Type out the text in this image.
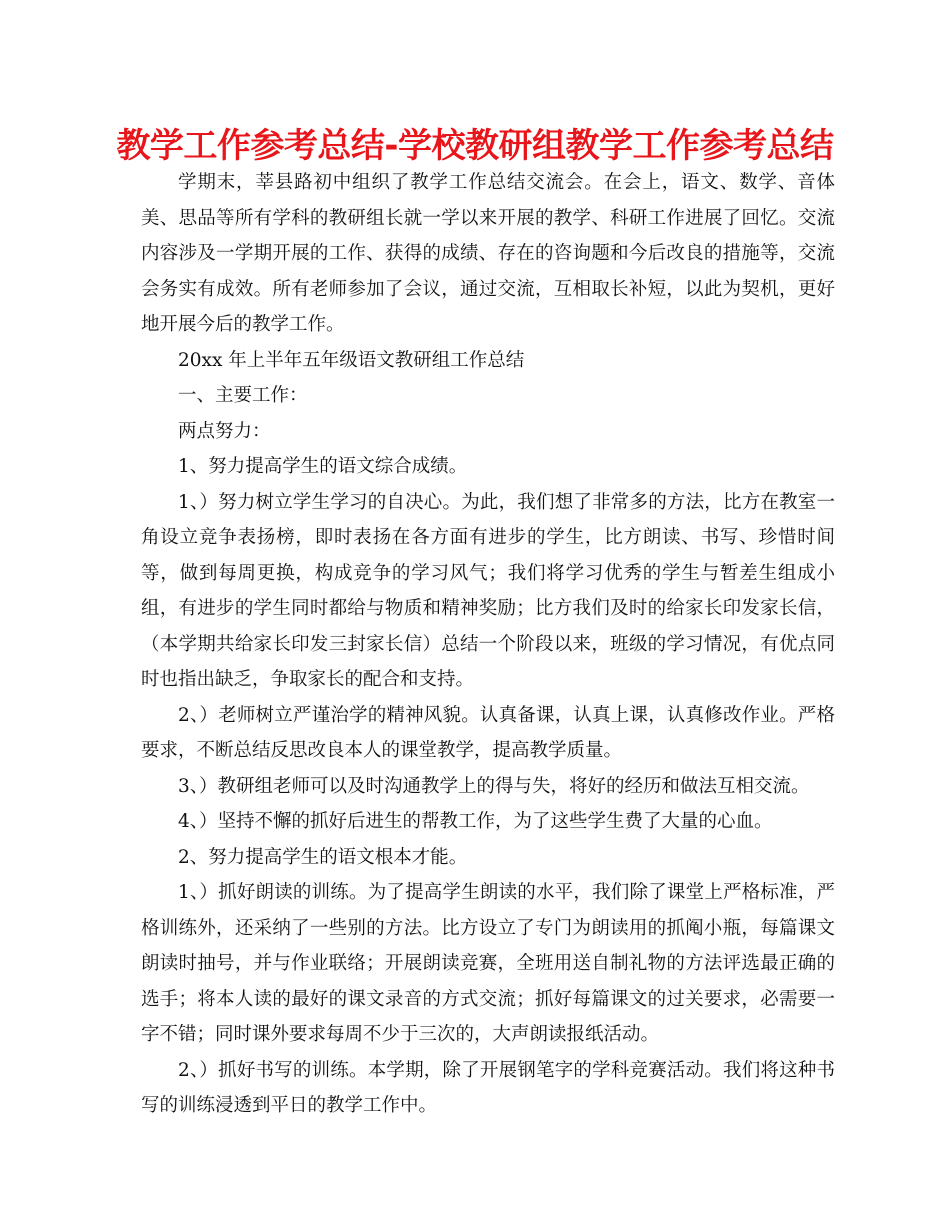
教学工作参考总结-学校教研组教学工作参考总结

学期末，莘县路初中组织了教学工作总结交流会。在会上，语文、数学、音体美、思品等所有学科的教研组长就一学以来开展的教学、科研工作进展了回忆。交流内容涉及一学期开展的工作、获得的成绩、存在的咨询题和今后改良的措施等，交流会务实有成效。所有老师参加了会议，通过交流，互相取长补短，以此为契机，更好地开展今后的教学工作。

20xx 年上半年五年级语文教研组工作总结

一、主要工作：

两点努力：

1、努力提高学生的语文综合成绩。

1、）努力树立学生学习的自决心。为此，我们想了非常多的方法，比方在教室一角设立竞争表扬榜，即时表扬在各方面有进步的学生，比方朗读、书写、珍惜时间等，做到每周更换，构成竞争的学习风气；我们将学习优秀的学生与暂差生组成小组，有进步的学生同时都给与物质和精神奖励；比方我们及时的给家长印发家长信，（本学期共给家长印发三封家长信）总结一个阶段以来，班级的学习情况，有优点同时也指出缺乏，争取家长的配合和支持。

2、）老师树立严谨治学的精神风貌。认真备课，认真上课，认真修改作业。严格要求，不断总结反思改良本人的课堂教学，提高教学质量。

3、）教研组老师可以及时沟通教学上的得与失，将好的经历和做法互相交流。

4、）坚持不懈的抓好后进生的帮教工作，为了这些学生费了大量的心血。

2、努力提高学生的语文根本才能。

1、）抓好朗读的训练。为了提高学生朗读的水平，我们除了课堂上严格标准，严格训练外，还采纳了一些别的方法。比方设立了专门为朗读用的抓阄小瓶，每篇课文朗读时抽号，并与作业联络；开展朗读竞赛，全班用送自制礼物的方法评选最正确的选手；将本人读的最好的课文录音的方式交流；抓好每篇课文的过关要求，必需要一字不错；同时课外要求每周不少于三次的，大声朗读报纸活动。

2、）抓好书写的训练。本学期，除了开展钢笔字的学科竞赛活动。我们将这种书写的训练浸透到平日的教学工作中。
